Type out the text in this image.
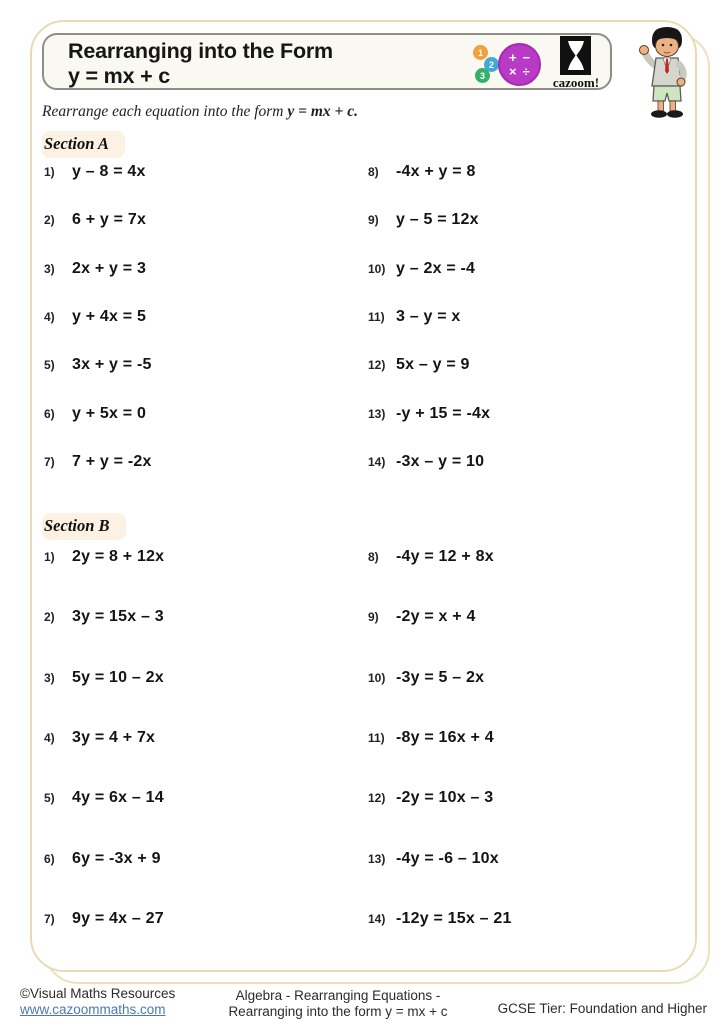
Rearranging into the Form
y = mx + c
1
2
3
+ −
× ÷
cazoom!
Rearrange each equation into the form y = mx + c.
Section A
1)	y – 8 = 4x
2)	6 + y = 7x
3)	2x + y = 3
4)	y + 4x = 5
5)	3x + y = -5
6)	y + 5x = 0
7)	7 + y = -2x
8)	-4x + y = 8
9)	y – 5 = 12x
10) y – 2x = -4
11) 3 – y = x
12) 5x – y = 9
13) -y + 15 = -4x
14) -3x – y = 10
Section B
1)	2y = 8 + 12x
2)	3y = 15x – 3
3)	5y = 10 – 2x
4)	3y = 4 + 7x
5)	4y = 6x – 14
6)	6y = -3x + 9
7)	9y = 4x – 27
8)	-4y = 12 + 8x
9)	-2y = x + 4
10) -3y = 5 – 2x
11) -8y = 16x + 4
12) -2y = 10x – 3
13) -4y = -6 – 10x
14) -12y = 15x – 21
©Visual Maths Resources
www.cazoommaths.com
Algebra - Rearranging Equations -
Rearranging into the form y = mx + c	GCSE Tier: Foundation and Higher
